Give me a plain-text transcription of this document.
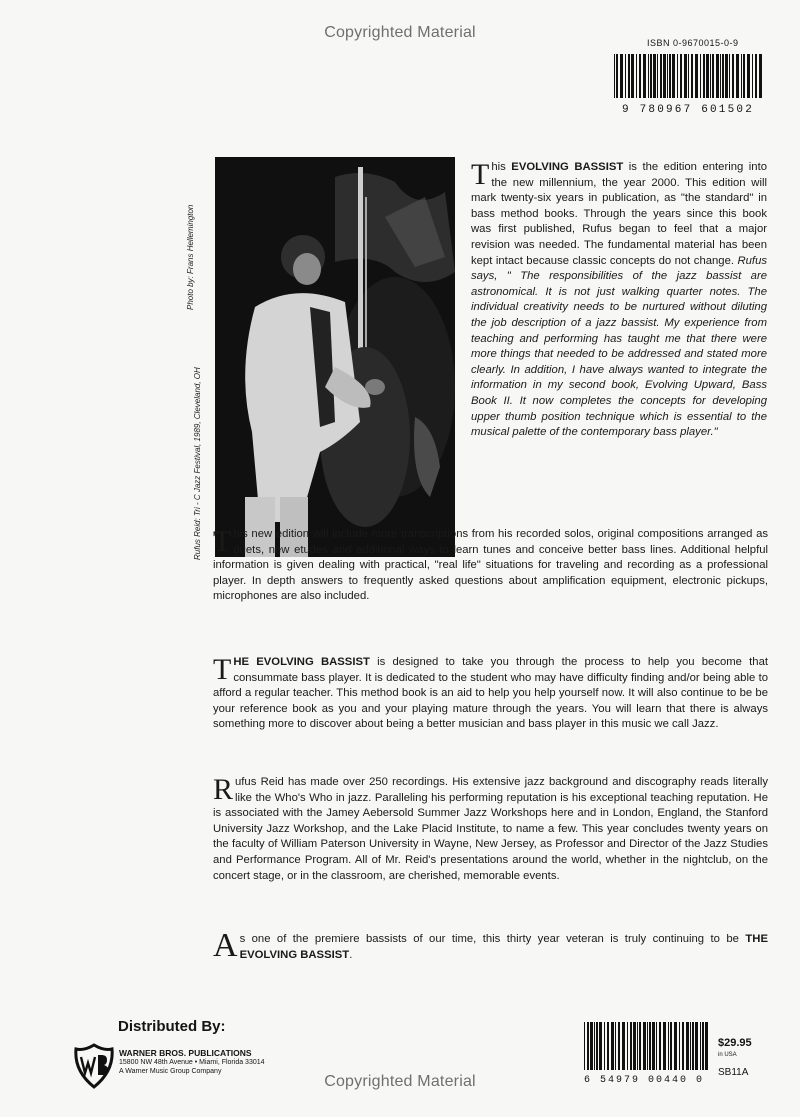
Copyrighted Material
ISBN 0-9670015-0-9
9 780967 601502
Rufus Reid: Tri - C Jazz Festival, 1989, Cleveland, OH
Photo by: Frans Hellemington

This EVOLVING BASSIST is the edition entering into the new millennium, the year 2000. This edition will mark twenty-six years in publication, as "the standard" in bass method books. Through the years since this book was first published, Rufus began to feel that a major revision was needed. The fundamental material has been kept intact because classic concepts do not change. Rufus says, " The responsibilities of the jazz bassist are astronomical. It is not just walking quarter notes. The individual creativity needs to be nurtured without diluting the job description of a jazz bassist. My experience from teaching and performing has taught me that there were more things that needed to be addressed and stated more clearly. In addition, I have always wanted to integrate the information in my second book, Evolving Upward, Bass Book II. It now completes the concepts for developing upper thumb position technique which is essential to the musical palette of the contemporary bass player."

This new edition will include more transcriptions from his recorded solos, original compositions arranged as duets, new etudes and additional ways to learn tunes and conceive better bass lines. Additional helpful information is given dealing with practical, "real life" situations for traveling and recording as a professional player. In depth answers to frequently asked questions about amplification equipment, electronic pickups, microphones are also included.

THE EVOLVING BASSIST is designed to take you through the process to help you become that consummate bass player. It is dedicated to the student who may have difficulty finding and/or being able to afford a regular teacher. This method book is an aid to help you help yourself now. It will also continue to be be your reference book as you and your playing mature through the years. You will learn that there is always something more to discover about being a better musician and bass player in this music we call Jazz.

Rufus Reid has made over 250 recordings. His extensive jazz background and discography reads literally like the Who's Who in jazz. Paralleling his performing reputation is his exceptional teaching reputation. He is associated with the Jamey Aebersold Summer Jazz Workshops here and in London, England, the Stanford University Jazz Workshop, and the Lake Placid Institute, to name a few. This year concludes twenty years on the faculty of William Paterson University in Wayne, New Jersey, as Professor and Director of the Jazz Studies and Performance Program. All of Mr. Reid's presentations around the world, whether in the nightclub, on the concert stage, or in the classroom, are cherished, memorable events.

As one of the premiere bassists of our time, this thirty year veteran is truly continuing to be THE EVOLVING BASSIST.

Distributed By:
WARNER BROS. PUBLICATIONS
15800 NW 48th Avenue • Miami, Florida 33014
A Warner Music Group Company
6 54979 00440 0
$29.95
in USA
SB11A
Copyrighted Material
